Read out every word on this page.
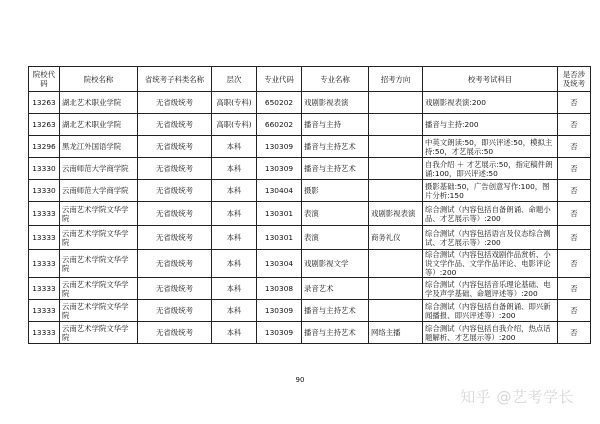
院校代码	院校名称	省统考子科类名称	层次	专业代码	专业名称	招考方向	校考考试科目	是否涉及统考
13263	湖北艺术职业学院	无省级统考	高职(专科)	650202	戏剧影视表演		戏剧影视表演:200	否
13263	湖北艺术职业学院	无省级统考	高职(专科)	660202	播音与主持		播音与主持:200	否
13296	黑龙江外国语学院	无省级统考	本科	130309	播音与主持艺术		中英文朗读:50，即兴评述:50，模拟主持:50，才艺展示:50	否
13330	云南师范大学商学院	无省级统考	本科	130309	播音与主持艺术		自我介绍 ＋ 才艺展示:50，指定稿件朗诵:100，即兴评述:50	否
13330	云南师范大学商学院	无省级统考	本科	130404	摄影		摄影基础:50，广告创意写作:100，图片分析:150	否
13333	云南艺术学院文华学院	无省级统考	本科	130301	表演	戏剧影视表演	综合测试（内容包括自备朗诵、命题小品、才艺展示等）:200	否
13333	云南艺术学院文华学院	无省级统考	本科	130301	表演	商务礼仪	综合测试（内容包括语言及仪态综合测试、才艺展示等）:200	否
13333	云南艺术学院文华学院	无省级统考	本科	130304	戏剧影视文学		综合测试（内容包括戏剧作品赏析、小说文学作品、文学作品评论、电影评论等）:200	否
13333	云南艺术学院文华学院	无省级统考	本科	130308	录音艺术		综合测试（内容包括音乐理论基础、电学及声学基础、命题评述等）:200	否
13333	云南艺术学院文华学院	无省级统考	本科	130309	播音与主持艺术		综合测试（内容包括自备朗诵、即兴新闻播报、即兴评述等）:200	否
13333	云南艺术学院文华学院	无省级统考	本科	130309	播音与主持艺术	网络主播	综合测试（内容包括自我介绍，热点话题解析、才艺展示等）:200	否
90
知乎 @艺考学长
